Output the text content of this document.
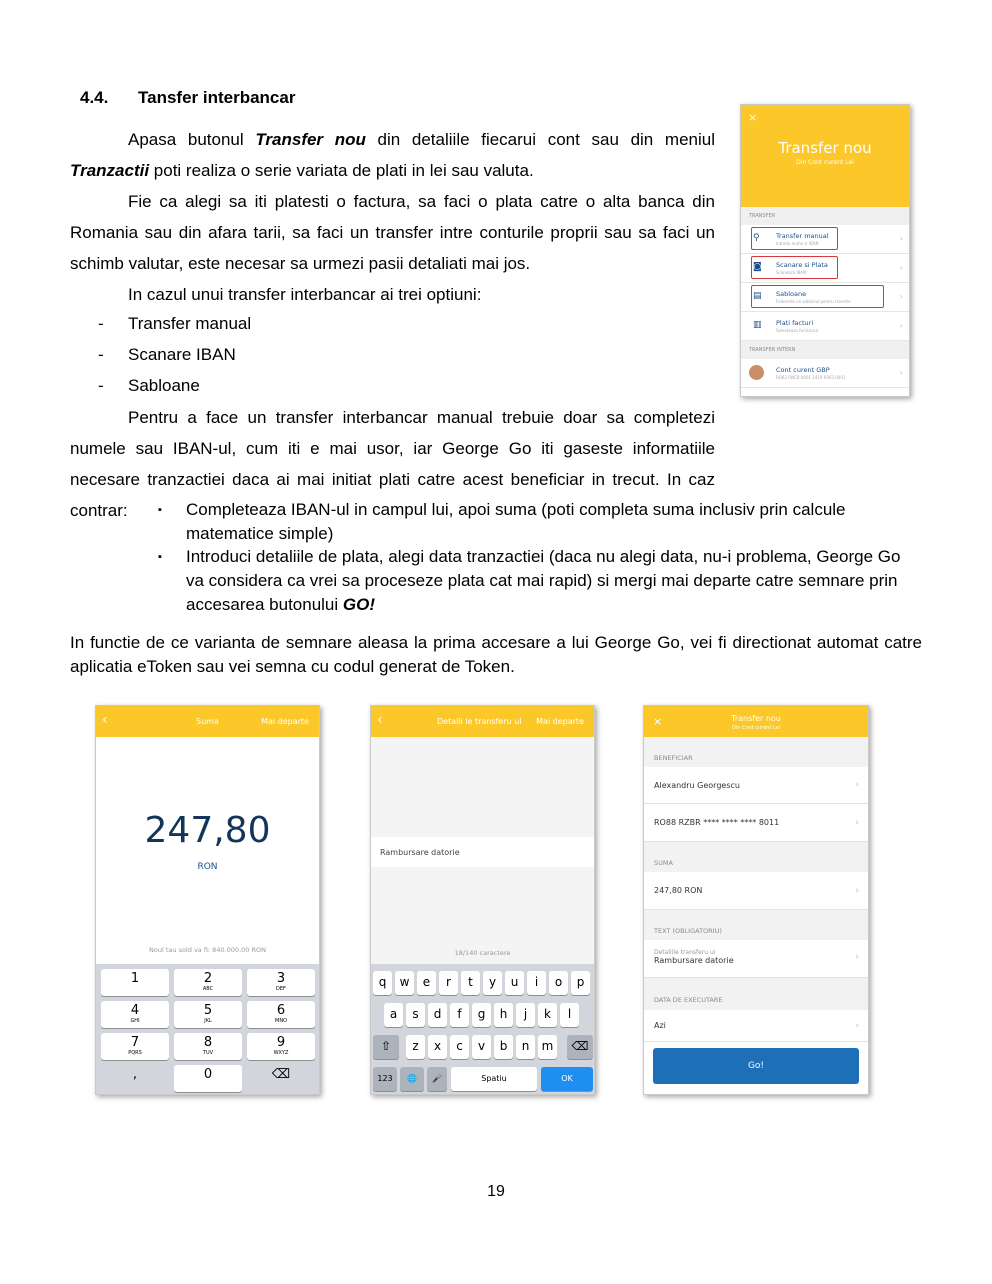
4.4. Tansfer interbancar
Apasa butonul Transfer nou din detaliile fiecarui cont sau din meniul Tranzactii poti realiza o serie variata de plati in lei sau valuta.
Fie ca alegi sa iti platesti o factura, sa faci o plata catre o alta banca din Romania sau din afara tarii, sa faci un transfer intre conturile proprii sau sa faci un schimb valutar, este necesar sa urmezi pasii detaliati mai jos.
In cazul unui transfer interbancar ai trei optiuni:
- Transfer manual
- Scanare IBAN
- Sabloane
Pentru a face un transfer interbancar manual trebuie doar sa completezi numele sau IBAN-ul, cum iti e mai usor, iar George Go iti gaseste informatiile necesare tranzactiei daca ai mai initiat plati catre acest beneficiar in trecut. In caz contrar:	▪ Completeaza IBAN-ul in campul lui, apoi suma (poti completa suma inclusiv prin calcule matematice simple)
▪ Introduci detaliile de plata, alegi data tranzactiei (daca nu alegi data, nu-i problema, George Go va considera ca vrei sa proceseze plata cat mai rapid) si mergi mai departe catre semnare prin accesarea butonului GO!
In functie de ce varianta de semnare aleasa la prima accesare a lui George Go, vei fi directionat automat catre aplicatia eToken sau vei semna cu codul generat de Token.
×
Transfer nou
Din Cont curent Lei
TRANSFER
⚲	Transfer manual
Introdu nume si IBAN
›
◙ Scanare si Plata
Scaneaza IBAN
›
▤ Sabloane
Foloseste un sablonul pentru transfer
›
▥ Plati facturi
Selecteaza furnizorul
›
TRANSFER INTERN
Cont curent GBP
RO62 RNCB 0001 1419 9303 0001
›
‹	Suma	Mai departe
247,80
RON
Noul tau sold va fi: 840.000,00 RON
1	2
ABC
3
DEF
4
GHI
5
JKL
6
MNO
7
PQRS
8
TUV
9
WXYZ
,	0	⌫
‹	Detalii le transferu ul Mai departe
Rambursare datorie
18/140 caractere
q	w	e	r	t	y	u	i	o	p
a	s	d	f	g	h	j	k	l
⇧	z	x	c	v	b	n	m	⌫
123	🌐	🎤	Spatiu	OK
×	Transfer nou
Din Cont curent Lei
BENEFICIAR
Alexandru Georgescu	›
RO88 RZBR **** **** **** 8011	›
SUMA
247,80 RON	›
TEXT (OBLIGATORIU)
Detaliile transferu ui
Rambursare datorie	›
DATA DE EXECUTARE
Azi	›
Go!
19
